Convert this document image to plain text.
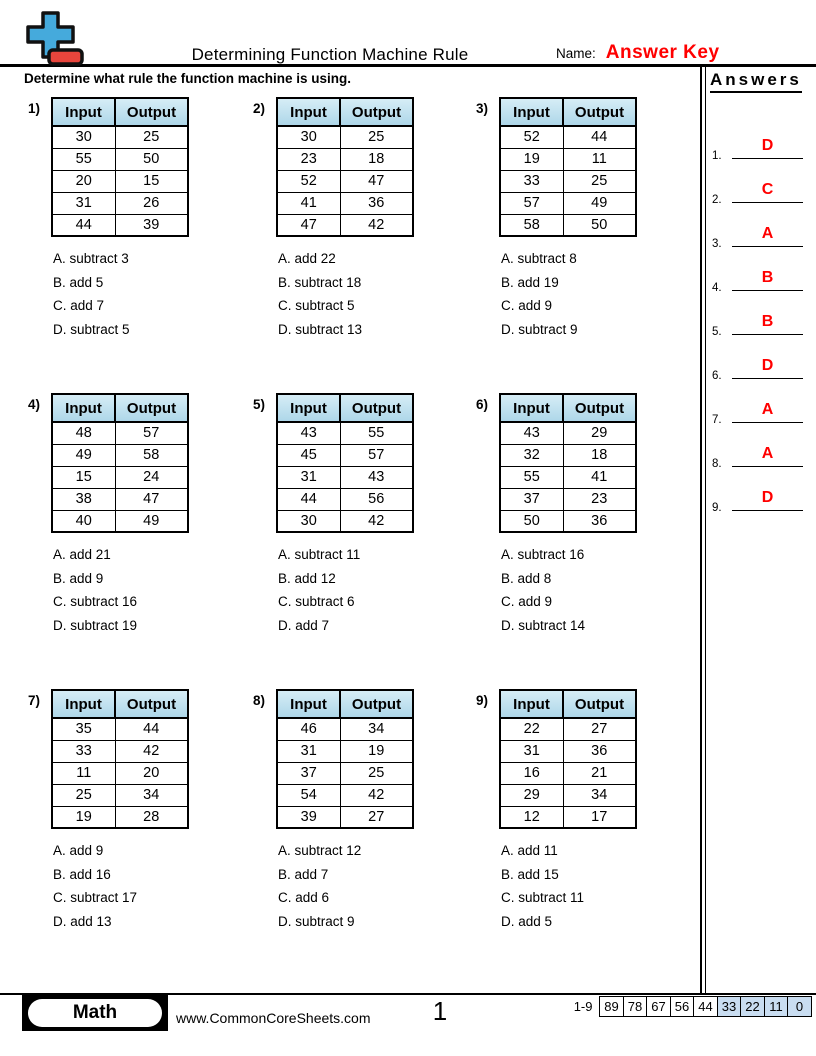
Determining Function Machine Rule	Name: Answer Key
Determine what rule the function machine is using.	Answers
1.
D
2.
C
3.
A
4.
B
5.
B
6.
D
7.
A
8.
A
9.
D
1)	Input	Output
30	25
55	50
20	15
31	26
44	39
A. subtract 3
B. add 5
C. add 7
D. subtract 5
2)	Input	Output
30	25
23	18
52	47
41	36
47	42
A. add 22
B. subtract 18
C. subtract 5
D. subtract 13
3)	Input	Output
52	44
19	11
33	25
57	49
58	50
A. subtract 8
B. add 19
C. add 9
D. subtract 9
4)	Input	Output
48	57
49	58
15	24
38	47
40	49
A. add 21
B. add 9
C. subtract 16
D. subtract 19
5)	Input	Output
43	55
45	57
31	43
44	56
30	42
A. subtract 11
B. add 12
C. subtract 6
D. add 7
6)	Input	Output
43	29
32	18
55	41
37	23
50	36
A. subtract 16
B. add 8
C. add 9
D. subtract 14
7)	Input	Output
35	44
33	42
11	20
25	34
19	28
A. add 9
B. add 16
C. subtract 17
D. add 13
8)	Input	Output
46	34
31	19
37	25
54	42
39	27
A. subtract 12
B. add 7
C. add 6
D. subtract 9
9)	Input	Output
22	27
31	36
16	21
29	34
12	17
A. add 11
B. add 15
C. subtract 11
D. add 5
Math	www.CommonCoreSheets.com	1	1-9 89 78 67 56 44 33 22 11	0
